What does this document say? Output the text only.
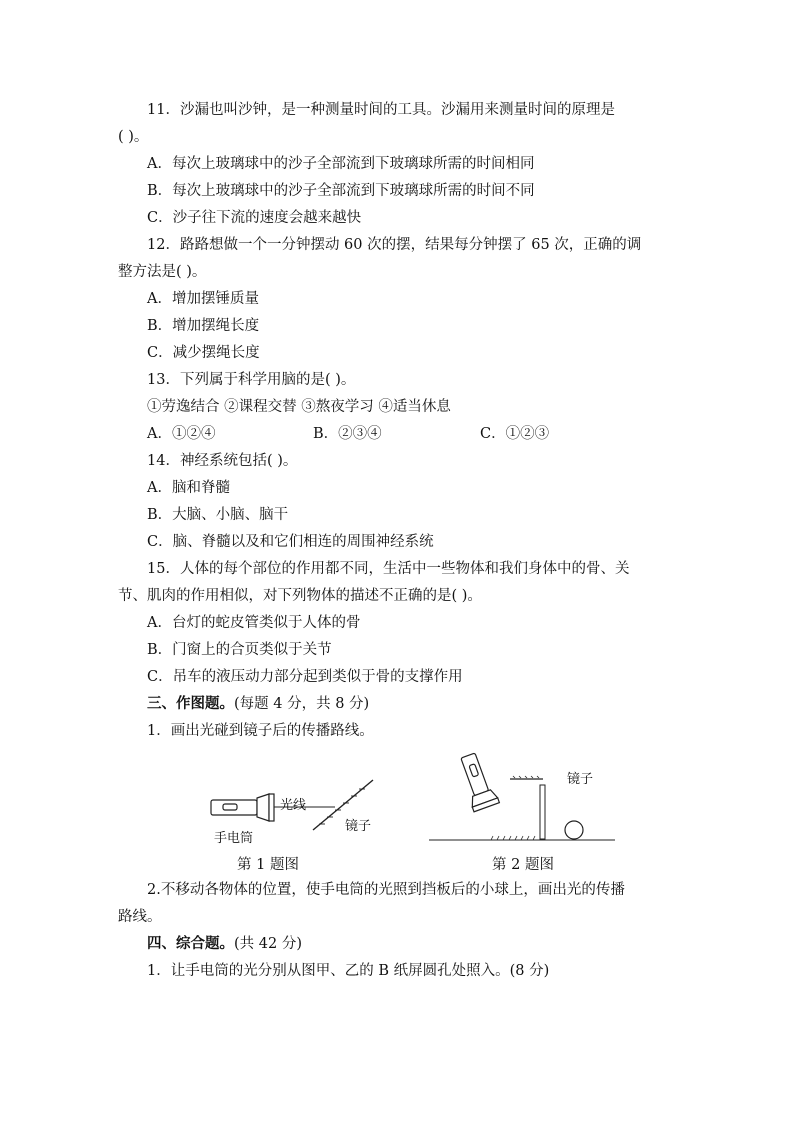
11．沙漏也叫沙钟，是一种测量时间的工具。沙漏用来测量时间的原理是
( )。
A．每次上玻璃球中的沙子全部流到下玻璃球所需的时间相同
B．每次上玻璃球中的沙子全部流到下玻璃球所需的时间不同
C．沙子往下流的速度会越来越快
12．路路想做一个一分钟摆动 60 次的摆，结果每分钟摆了 65 次，正确的调
整方法是( )。
A．增加摆锤质量
B．增加摆绳长度
C．减少摆绳长度
13．下列属于科学用脑的是( )。
①劳逸结合 ②课程交替 ③熬夜学习 ④适当休息
A．①②④	B．②③④	C．①②③
14．神经系统包括( )。
A．脑和脊髓
B．大脑、小脑、脑干
C．脑、脊髓以及和它们相连的周围神经系统
15．人体的每个部位的作用都不同，生活中一些物体和我们身体中的骨、关
节、肌肉的作用相似，对下列物体的描述不正确的是( )。
A．台灯的蛇皮管类似于人体的骨
B．门窗上的合页类似于关节
C．吊车的液压动力部分起到类似于骨的支撑作用
三、作图题。(每题 4 分，共 8 分)
1．画出光碰到镜子后的传播路线。
光线
手电筒
镜子
第 1 题图
镜子
第 2 题图
2.不移动各物体的位置，使手电筒的光照到挡板后的小球上，画出光的传播
路线。
四、综合题。(共 42 分)
1．让手电筒的光分别从图甲、乙的 B 纸屏圆孔处照入。(8 分)
